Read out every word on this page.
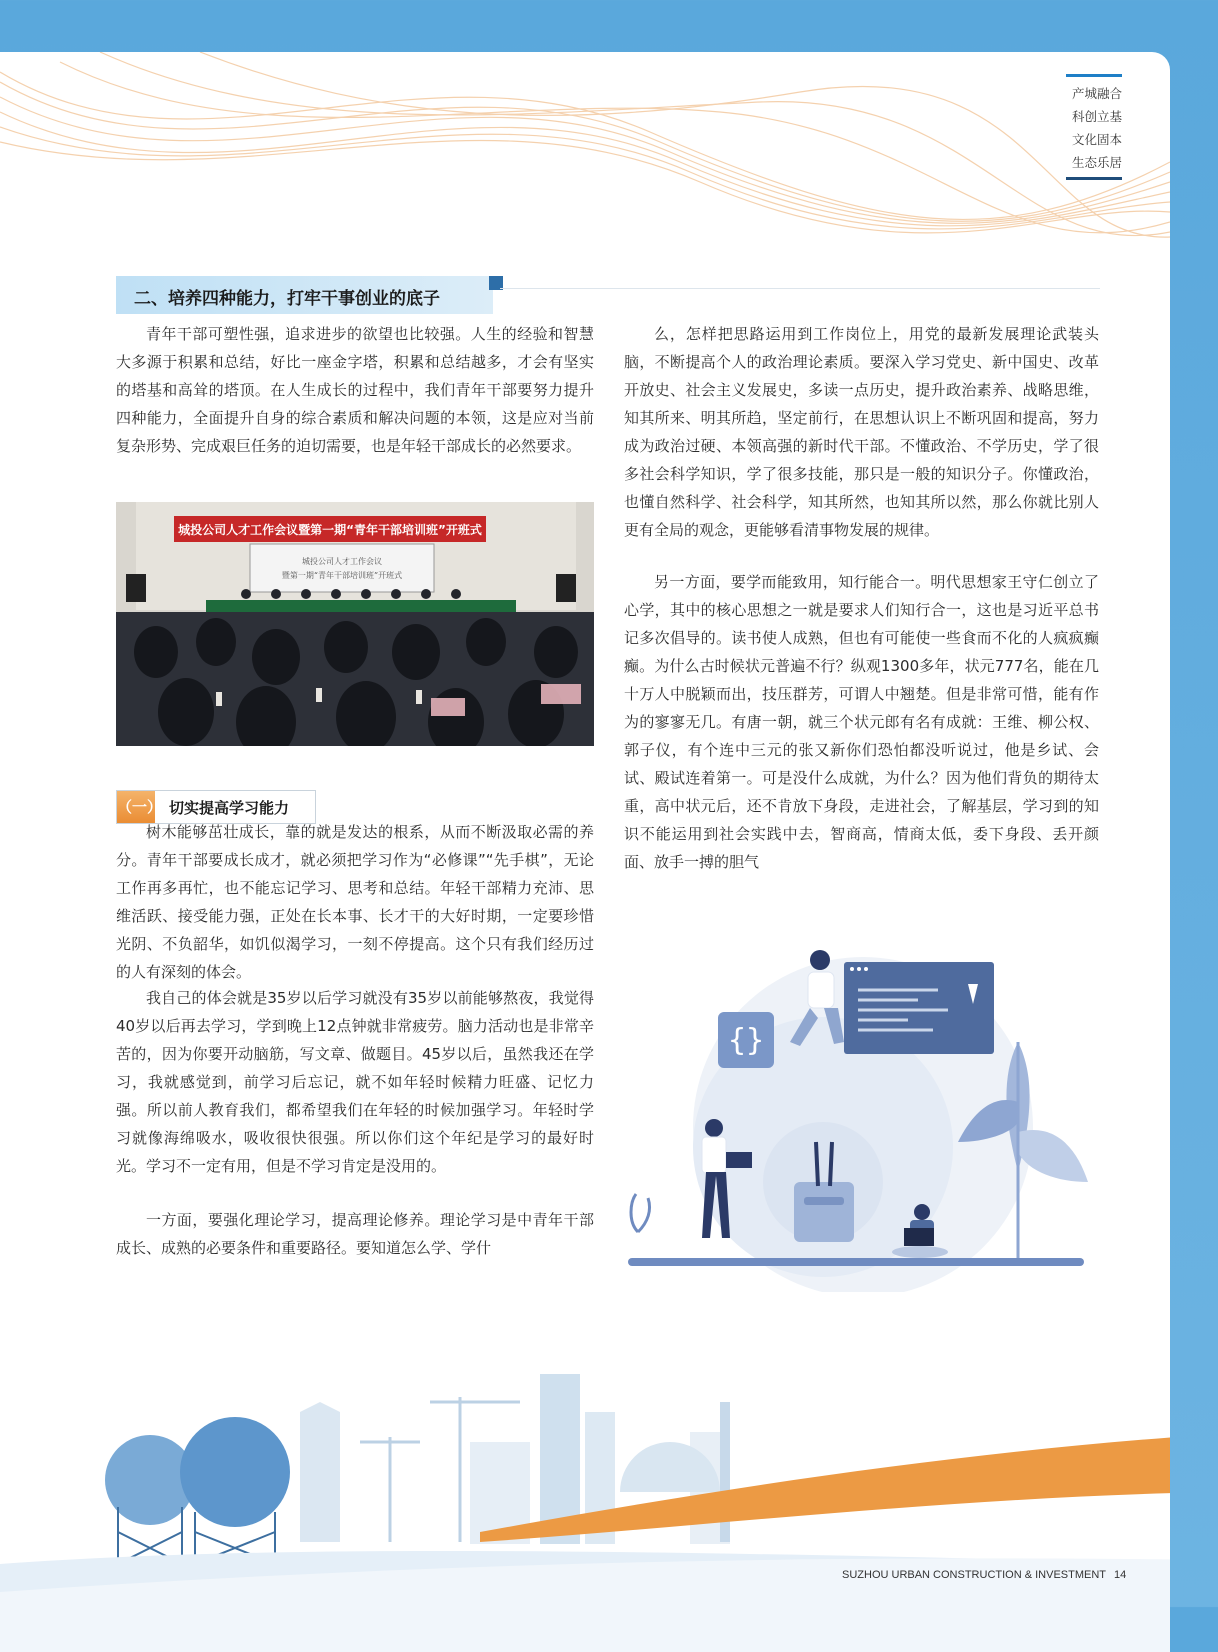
产城融合
科创立基
文化固本
生态乐居
二、培养四种能力，打牢干事创业的底子

青年干部可塑性强，追求进步的欲望也比较强。人生的经验和智慧大多源于积累和总结，好比一座金字塔，积累和总结越多，才会有坚实的塔基和高耸的塔顶。在人生成长的过程中，我们青年干部要努力提升四种能力，全面提升自身的综合素质和解决问题的本领，这是应对当前复杂形势、完成艰巨任务的迫切需要，也是年轻干部成长的必然要求。

城投公司人才工作会议暨第一期“青年干部培训班”开班式
城投公司人才工作会议
暨第一期“青年干部培训班”开班式
（一） 切实提高学习能力

树木能够茁壮成长，靠的就是发达的根系，从而不断汲取必需的养分。青年干部要成长成才，就必须把学习作为“必修课”“先手棋”，无论工作再多再忙，也不能忘记学习、思考和总结。年轻干部精力充沛、思维活跃、接受能力强，正处在长本事、长才干的大好时期，一定要珍惜光阴、不负韶华，如饥似渴学习，一刻不停提高。这个只有我们经历过的人有深刻的体会。

我自己的体会就是35岁以后学习就没有35岁以前能够熬夜，我觉得40岁以后再去学习，学到晚上12点钟就非常疲劳。脑力活动也是非常辛苦的，因为你要开动脑筋，写文章、做题目。45岁以后，虽然我还在学习，我就感觉到，前学习后忘记，就不如年轻时候精力旺盛、记忆力强。所以前人教育我们，都希望我们在年轻的时候加强学习。年轻时学习就像海绵吸水，吸收很快很强。所以你们这个年纪是学习的最好时光。学习不一定有用，但是不学习肯定是没用的。

一方面，要强化理论学习，提高理论修养。理论学习是中青年干部成长、成熟的必要条件和重要路径。要知道怎么学、学什

么，怎样把思路运用到工作岗位上，用党的最新发展理论武装头脑，不断提高个人的政治理论素质。要深入学习党史、新中国史、改革开放史、社会主义发展史，多读一点历史，提升政治素养、战略思维，知其所来、明其所趋，坚定前行，在思想认识上不断巩固和提高，努力成为政治过硬、本领高强的新时代干部。不懂政治、不学历史，学了很多社会科学知识，学了很多技能，那只是一般的知识分子。你懂政治，也懂自然科学、社会科学，知其所然，也知其所以然，那么你就比别人更有全局的观念，更能够看清事物发展的规律。

另一方面，要学而能致用，知行能合一。明代思想家王守仁创立了心学，其中的核心思想之一就是要求人们知行合一，这也是习近平总书记多次倡导的。读书使人成熟，但也有可能使一些食而不化的人疯疯癫癫。为什么古时候状元普遍不行？纵观1300多年，状元777名，能在几十万人中脱颖而出，技压群芳，可谓人中翘楚。但是非常可惜，能有作为的寥寥无几。有唐一朝，就三个状元郎有名有成就：王维、柳公权、郭子仪，有个连中三元的张又新你们恐怕都没听说过，他是乡试、会试、殿试连着第一。可是没什么成就，为什么？因为他们背负的期待太重，高中状元后，还不肯放下身段，走进社会，了解基层，学习到的知识不能运用到社会实践中去，智商高，情商太低，委下身段、丢开颜面、放手一搏的胆气

{}
SUZHOU URBAN CONSTRUCTION & INVESTMENT 14
